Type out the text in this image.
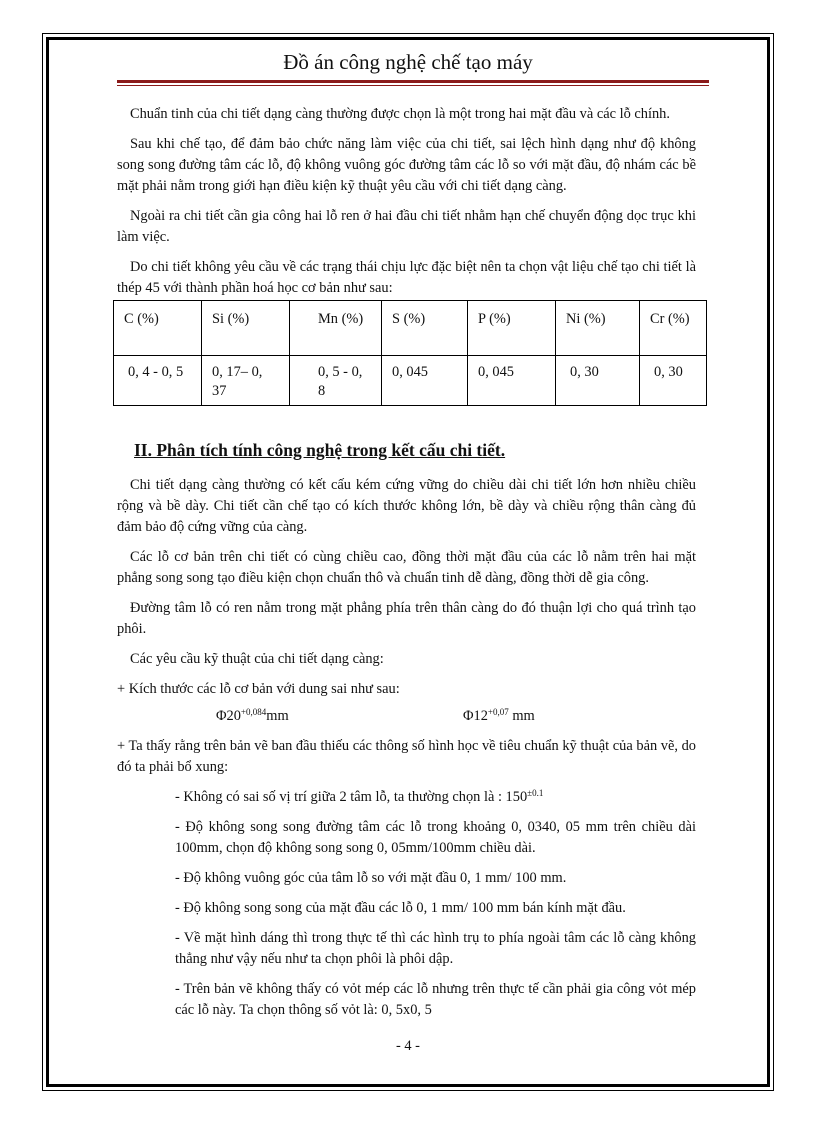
Đồ án công nghệ chế tạo máy

Chuẩn tinh của chi tiết dạng càng thường được chọn là một trong hai mặt đầu và các lỗ chính.

Sau khi chế tạo, để đảm bảo chức năng làm việc của chi tiết, sai lệch hình dạng như độ không song song đường tâm các lỗ, độ không vuông góc đường tâm các lỗ so với mặt đầu, độ nhám các bề mặt phải nằm trong giới hạn điều kiện kỹ thuật yêu cầu với chi tiết dạng càng.

Ngoài ra chi tiết cần gia công hai lỗ ren ở hai đầu chi tiết nhằm hạn chế chuyển động dọc trục khi làm việc.

Do chi tiết không yêu cầu về các trạng thái chịu lực đặc biệt nên ta chọn vật liệu chế tạo chi tiết là thép 45 với thành phần hoá học cơ bản như sau:

C (%)	Si (%)	Mn (%)	S (%)	P (%)	Ni (%)	Cr (%)
0, 4 - 0, 5	0, 17– 0, 37	0, 5 - 0, 8	0, 045	0, 045	0, 30	0, 30
II. Phân tích tính công nghệ trong kết cấu chi tiết.

Chi tiết dạng càng thường có kết cấu kém cứng vững do chiều dài chi tiết lớn hơn nhiều chiều rộng và bề dày. Chi tiết cần chế tạo có kích thước không lớn, bề dày và chiều rộng thân càng đủ đảm bảo độ cứng vững của càng.

Các lỗ cơ bản trên chi tiết có cùng chiều cao, đồng thời mặt đầu của các lỗ nằm trên hai mặt phẳng song song tạo điều kiện chọn chuẩn thô và chuẩn tinh dễ dàng, đồng thời dễ gia công.

Đường tâm lỗ có ren nằm trong mặt phẳng phía trên thân càng do đó thuận lợi cho quá trình tạo phôi.

Các yêu cầu kỹ thuật của chi tiết dạng càng:

+ Kích thước các lỗ cơ bản với dung sai như sau:

$\Phi 20^{+0,084}mm$	$\Phi 12^{+0,07}$ mm

+ Ta thấy rằng trên bản vẽ ban đầu thiếu các thông số hình học về tiêu chuẩn kỹ thuật của bản vẽ, do đó ta phải bổ xung:

- Không có sai số vị trí giữa 2 tâm lỗ, ta thường chọn là : $150^{\pm 0.1}$

- Độ không song song đường tâm các lỗ trong khoảng 0, 0340, 05 mm trên chiều dài 100mm, chọn độ không song song 0, 05mm/100mm chiều dài.

- Độ không vuông góc của tâm lỗ so với mặt đầu 0, 1 mm/ 100 mm.

- Độ không song song của mặt đầu các lỗ 0, 1 mm/ 100 mm bán kính mặt đầu.

- Về mặt hình dáng thì trong thực tế thì các hình trụ to phía ngoài tâm các lỗ càng không thẳng như vậy nếu như ta chọn phôi là phôi dập.

- Trên bản vẽ không thấy có vỏt mép các lỗ nhưng trên thực tế cần phải gia công vỏt mép các lỗ này. Ta chọn thông số vỏt là: 0, 5x0, 5

- 4 -
